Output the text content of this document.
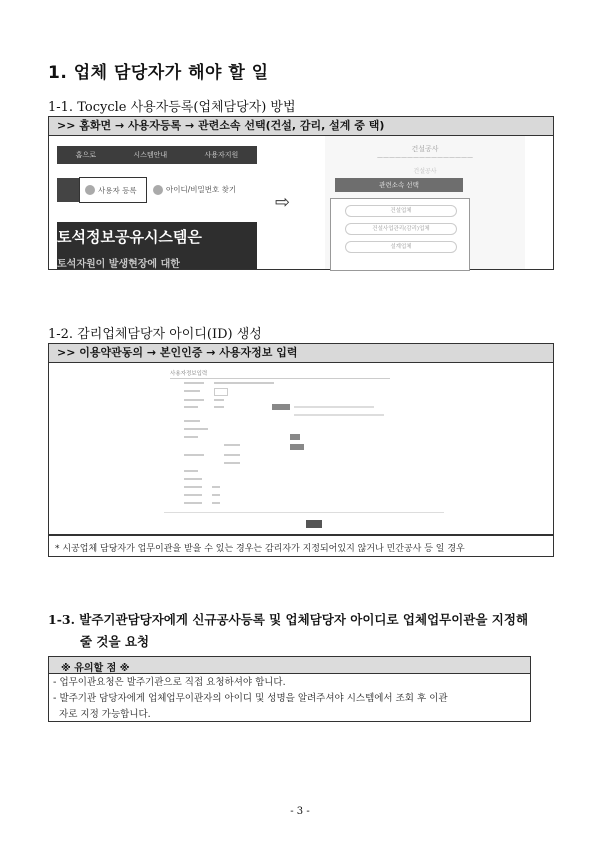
1. 업체 담당자가 해야 할 일
1-1. Tocycle 사용자등록(업체담당자) 방법
>> 홈화면 → 사용자등록 → 관련소속 선택(건설, 감리, 설계 중 택)
홈으로	시스템안내	사용자지원
사용자 등록	아이디/비밀번호 찾기
토석정보공유시스템은
토석자원이 발생현장에 대한
⇨
건설공사
————————————————
건설공사
관련소속 선택
건설업체
건설사업관리(감리)업체
설계업체
1-2. 감리업체담당자 아이디(ID) 생성
>> 이용약관동의 → 본인인증 → 사용자정보 입력
사용자정보입력
* 시공업체 담당자가 업무이관을 받을 수 있는 경우는 감리자가 지정되어있지 않거나 민간공사 등 일 경우
1-3. 발주기관담당자에게 신규공사등록 및 업체담당자 아이디로 업체업무이관을 지정해
줄 것을 요청
※ 유의할 점 ※
- 업무이관요청은 발주기관으로 직접 요청하셔야 합니다.
- 발주기관 담당자에게 업체업무이관자의 아이디 및 성명을 알려주셔야 시스템에서 조회 후 이관
자로 지정 가능합니다.
- 3 -
